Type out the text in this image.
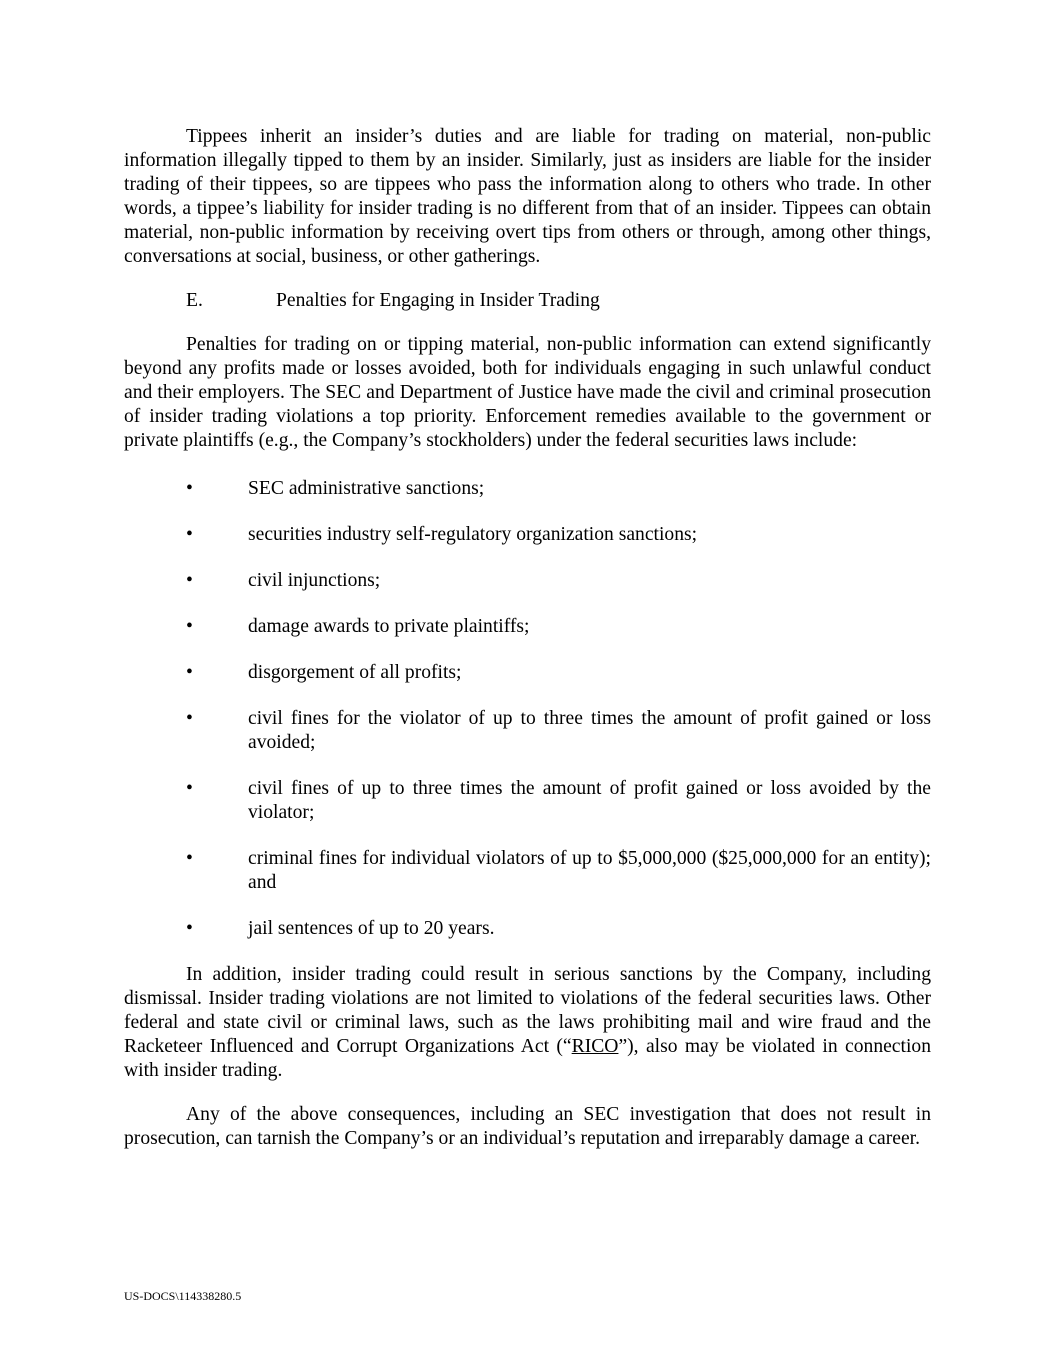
Tippees inherit an insider’s duties and are liable for trading on material, non-public information illegally tipped to them by an insider. Similarly, just as insiders are liable for the insider trading of their tippees, so are tippees who pass the information along to others who trade. In other words, a tippee’s liability for insider trading is no different from that of an insider. Tippees can obtain material, non-public information by receiving overt tips from others or through, among other things, conversations at social, business, or other gatherings.

E.	Penalties for Engaging in Insider Trading

Penalties for trading on or tipping material, non-public information can extend significantly beyond any profits made or losses avoided, both for individuals engaging in such unlawful conduct and their employers. The SEC and Department of Justice have made the civil and criminal prosecution of insider trading violations a top priority. Enforcement remedies available to the government or private plaintiffs (e.g., the Company’s stockholders) under the federal securities laws include:

•	SEC administrative sanctions;
•	securities industry self-regulatory organization sanctions;
•	civil injunctions;
•	damage awards to private plaintiffs;
•	disgorgement of all profits;
•	civil fines for the violator of up to three times the amount of profit gained or loss avoided;
•	civil fines of up to three times the amount of profit gained or loss avoided by the violator;
•	criminal fines for individual violators of up to $5,000,000 ($25,000,000 for an entity); and
•	jail sentences of up to 20 years.

In addition, insider trading could result in serious sanctions by the Company, including dismissal. Insider trading violations are not limited to violations of the federal securities laws. Other federal and state civil or criminal laws, such as the laws prohibiting mail and wire fraud and the Racketeer Influenced and Corrupt Organizations Act (“RICO”), also may be violated in connection with insider trading.

Any of the above consequences, including an SEC investigation that does not result in prosecution, can tarnish the Company’s or an individual’s reputation and irreparably damage a career.

US-DOCS\114338280.5
